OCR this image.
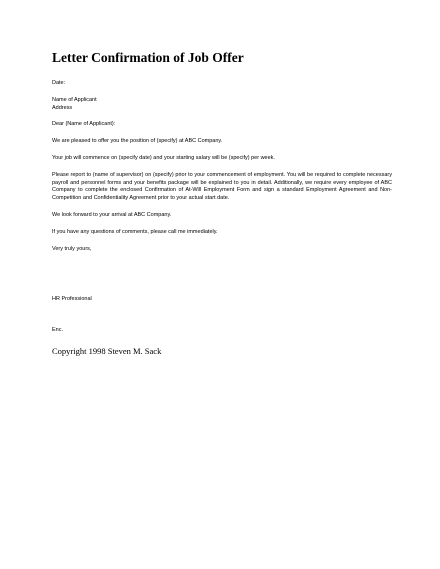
Letter Confirmation of Job Offer
Date:
Name of Applicant
Address
Dear (Name of Applicant):
We are pleased to offer you the position of (specify) at ABC Company.
Your job will commence on (specify date) and your starting salary will be (specify) per week.
Please report to (name of supervisor) on (specify) prior to your commencement of employment. You will be required to complete necessary payroll and personnel forms and your benefits package will be explained to you in detail. Additionally, we require every employee of ABC Company to complete the enclosed Confirmation of At-Will Employment Form and sign a standard Employment Agreement and Non-Competition and Confidentiality Agreement prior to your actual start date.
We look forward to your arrival at ABC Company.
If you have any questions of comments, please call me immediately.
Very truly yours,
HR Professional
Enc.
Copyright 1998 Steven M. Sack
